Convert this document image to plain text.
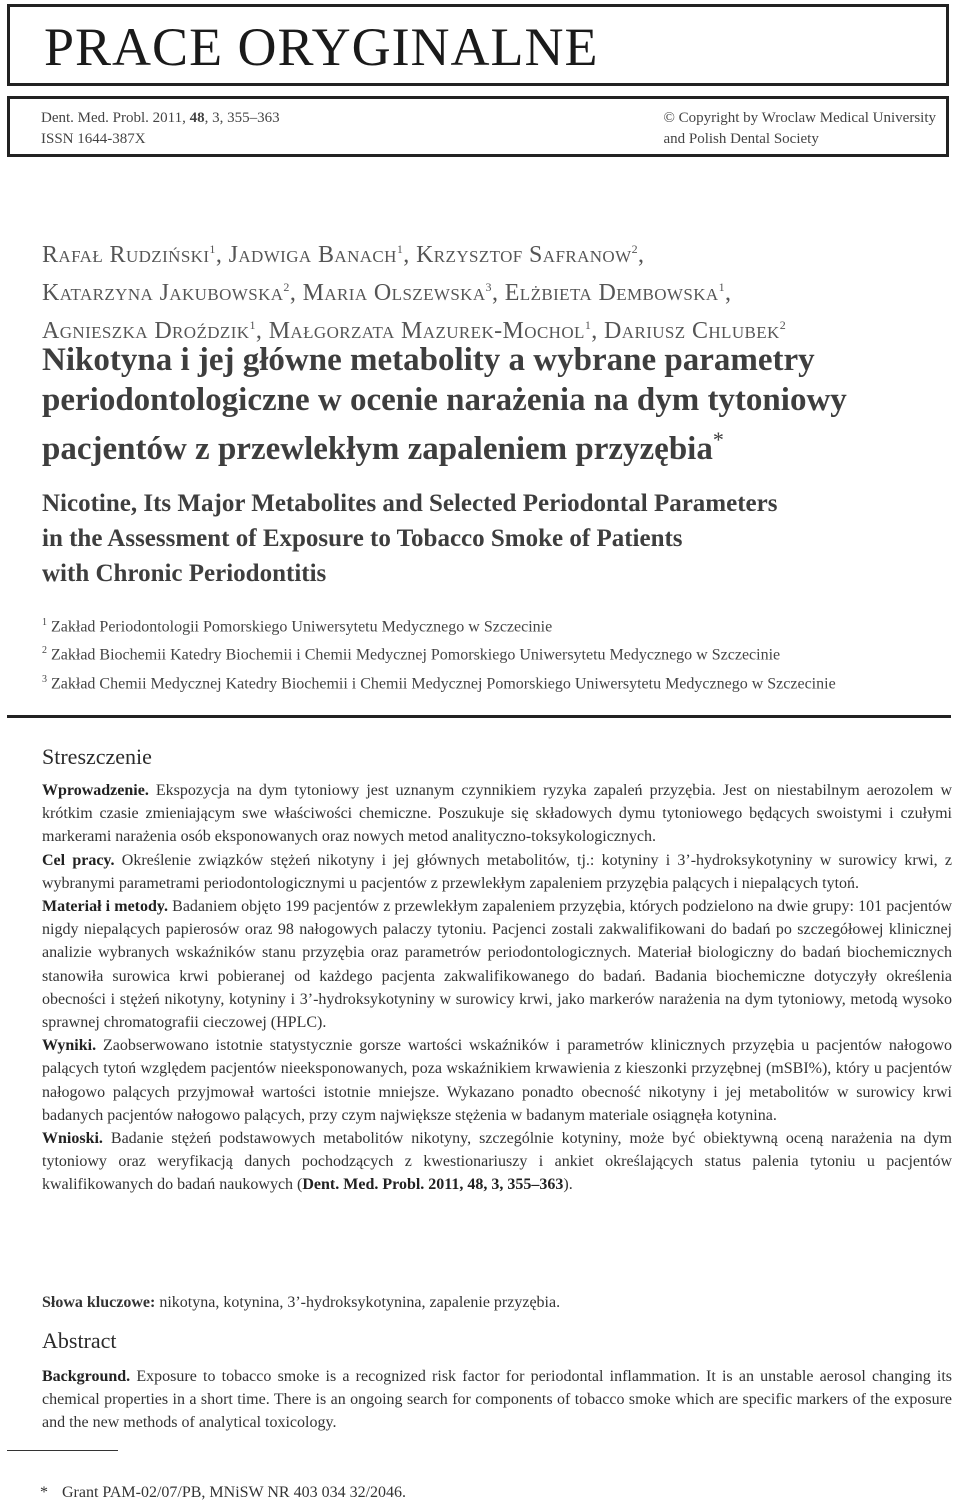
PRACE ORYGINALNE
Dent. Med. Probl. 2011, 48, 3, 355–363
ISSN 1644-387X
© Copyright by Wroclaw Medical University
and Polish Dental Society
Rafał Rudziński$^1$, Jadwiga Banach$^1$, Krzysztof Safranow$^2$,
Katarzyna Jakubowska$^2$, Maria Olszewska$^3$, Elżbieta Dembowska$^1$,
Agnieszka Droździk$^1$, Małgorzata Mazurek-Mochol$^1$, Dariusz Chlubek$^2$
Nikotyna i jej główne metabolity a wybrane parametry
periodontologiczne w ocenie narażenia na dym tytoniowy
pacjentów z przewlekłym zapaleniem przyzębia*
Nicotine, Its Major Metabolites and Selected Periodontal Parameters
in the Assessment of Exposure to Tobacco Smoke of Patients
with Chronic Periodontitis
$^1$ Zakład Periodontologii Pomorskiego Uniwersytetu Medycznego w Szczecinie
$^2$ Zakład Biochemii Katedry Biochemii i Chemii Medycznej Pomorskiego Uniwersytetu Medycznego w Szczecinie
$^3$ Zakład Chemii Medycznej Katedry Biochemii i Chemii Medycznej Pomorskiego Uniwersytetu Medycznego w Szczecinie
Streszczenie

Wprowadzenie. Ekspozycja na dym tytoniowy jest uznanym czynnikiem ryzyka zapaleń przyzębia. Jest on niestabilnym aerozolem w krótkim czasie zmieniającym swe właściwości chemiczne. Poszukuje się składowych dymu tytoniowego będących swoistymi i czułymi markerami narażenia osób eksponowanych oraz nowych metod analityczno-toksykologicznych.

Cel pracy. Określenie związków stężeń nikotyny i jej głównych metabolitów, tj.: kotyniny i 3’-hydroksykotyniny w surowicy krwi, z wybranymi parametrami periodontologicznymi u pacjentów z przewlekłym zapaleniem przyzębia palących i niepalących tytoń.

Materiał i metody. Badaniem objęto 199 pacjentów z przewlekłym zapaleniem przyzębia, których podzielono na dwie grupy: 101 pacjentów nigdy niepalących papierosów oraz 98 nałogowych palaczy tytoniu. Pacjenci zostali zakwalifikowani do badań po szczegółowej klinicznej analizie wybranych wskaźników stanu przyzębia oraz parametrów periodontologicznych. Materiał biologiczny do badań biochemicznych stanowiła surowica krwi pobieranej od każdego pacjenta zakwalifikowanego do badań. Badania biochemiczne dotyczyły określenia obecności i stężeń nikotyny, kotyniny i 3’-hydroksykotyniny w surowicy krwi, jako markerów narażenia na dym tytoniowy, metodą wysoko sprawnej chromatografii cieczowej (HPLC).

Wyniki. Zaobserwowano istotnie statystycznie gorsze wartości wskaźników i parametrów klinicznych przyzębia u pacjentów nałogowo palących tytoń względem pacjentów nieeksponowanych, poza wskaźnikiem krwawienia z kieszonki przyzębnej (mSBI%), który u pacjentów nałogowo palących przyjmował wartości istotnie mniejsze. Wykazano ponadto obecność nikotyny i jej metabolitów w surowicy krwi badanych pacjentów nałogowo palących, przy czym największe stężenia w badanym materiale osiągnęła kotynina.

Wnioski. Badanie stężeń podstawowych metabolitów nikotyny, szczególnie kotyniny, może być obiektywną oceną narażenia na dym tytoniowy oraz weryfikacją danych pochodzących z kwestionariuszy i ankiet określających status palenia tytoniu u pacjentów kwalifikowanych do badań naukowych (Dent. Med. Probl. 2011, 48, 3, 355–363).

Słowa kluczowe: nikotyna, kotynina, 3’-hydroksykotynina, zapalenie przyzębia.
Abstract

Background. Exposure to tobacco smoke is a recognized risk factor for periodontal inflammation. It is an unstable aerosol changing its chemical properties in a short time. There is an ongoing search for components of tobacco smoke which are specific markers of the exposure and the new methods of analytical toxicology.

* Grant PAM-02/07/PB, MNiSW NR 403 034 32/2046.
